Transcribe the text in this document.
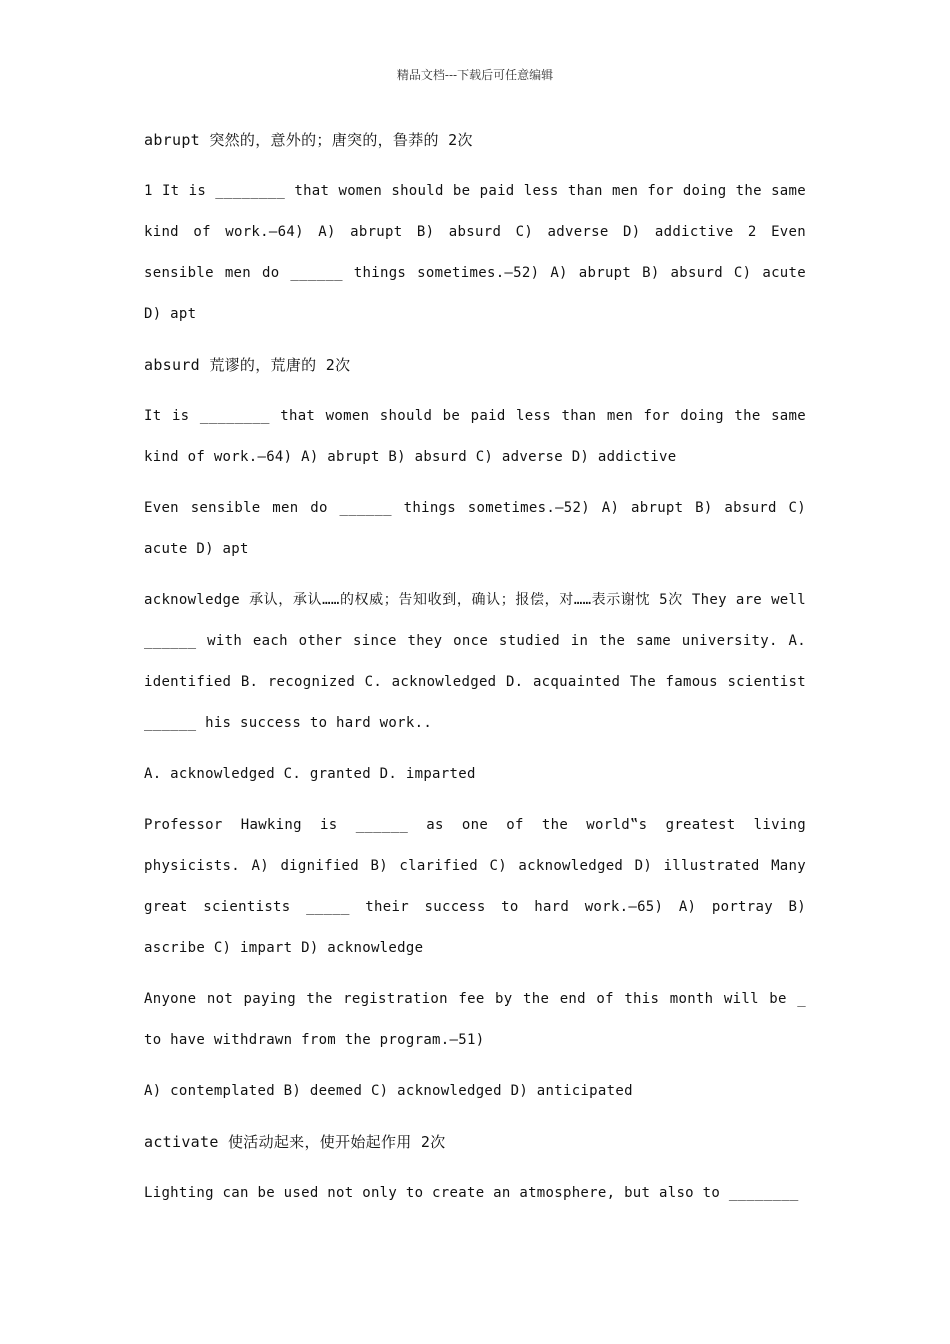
精品文档---下载后可任意编辑

abrupt 突然的，意外的；唐突的，鲁莽的 2次

1 It is ________ that women should be paid less than men for doing the same kind of work.—64) A) abrupt B) absurd C) adverse D) addictive 2 Even sensible men do ______ things sometimes.—52) A) abrupt B) absurd C) acute D) apt

absurd 荒谬的，荒唐的 2次

It is ________ that women should be paid less than men for doing the same kind of work.—64) A) abrupt B) absurd C) adverse D) addictive

Even sensible men do ______ things sometimes.—52) A) abrupt B) absurd C) acute D) apt

acknowledge 承认，承认……的权威；告知收到，确认；报偿，对……表示谢忱 5次 They are well ______ with each other since they once studied in the same university. A. identified B. recognized C. acknowledged D. acquainted The famous scientist ______ his success to hard work..

A. acknowledged C. granted D. imparted

Professor Hawking is ______ as one of the world‟s greatest living physicists. A) dignified B) clarified C) acknowledged D) illustrated Many great scientists _____ their success to hard work.—65) A) portray B) ascribe C) impart D) acknowledge

Anyone not paying the registration fee by the end of this month will be _ to have withdrawn from the program.—51)

A) contemplated B) deemed C) acknowledged D) anticipated

activate 使活动起来，使开始起作用 2次

Lighting can be used not only to create an atmosphere, but also to ________
